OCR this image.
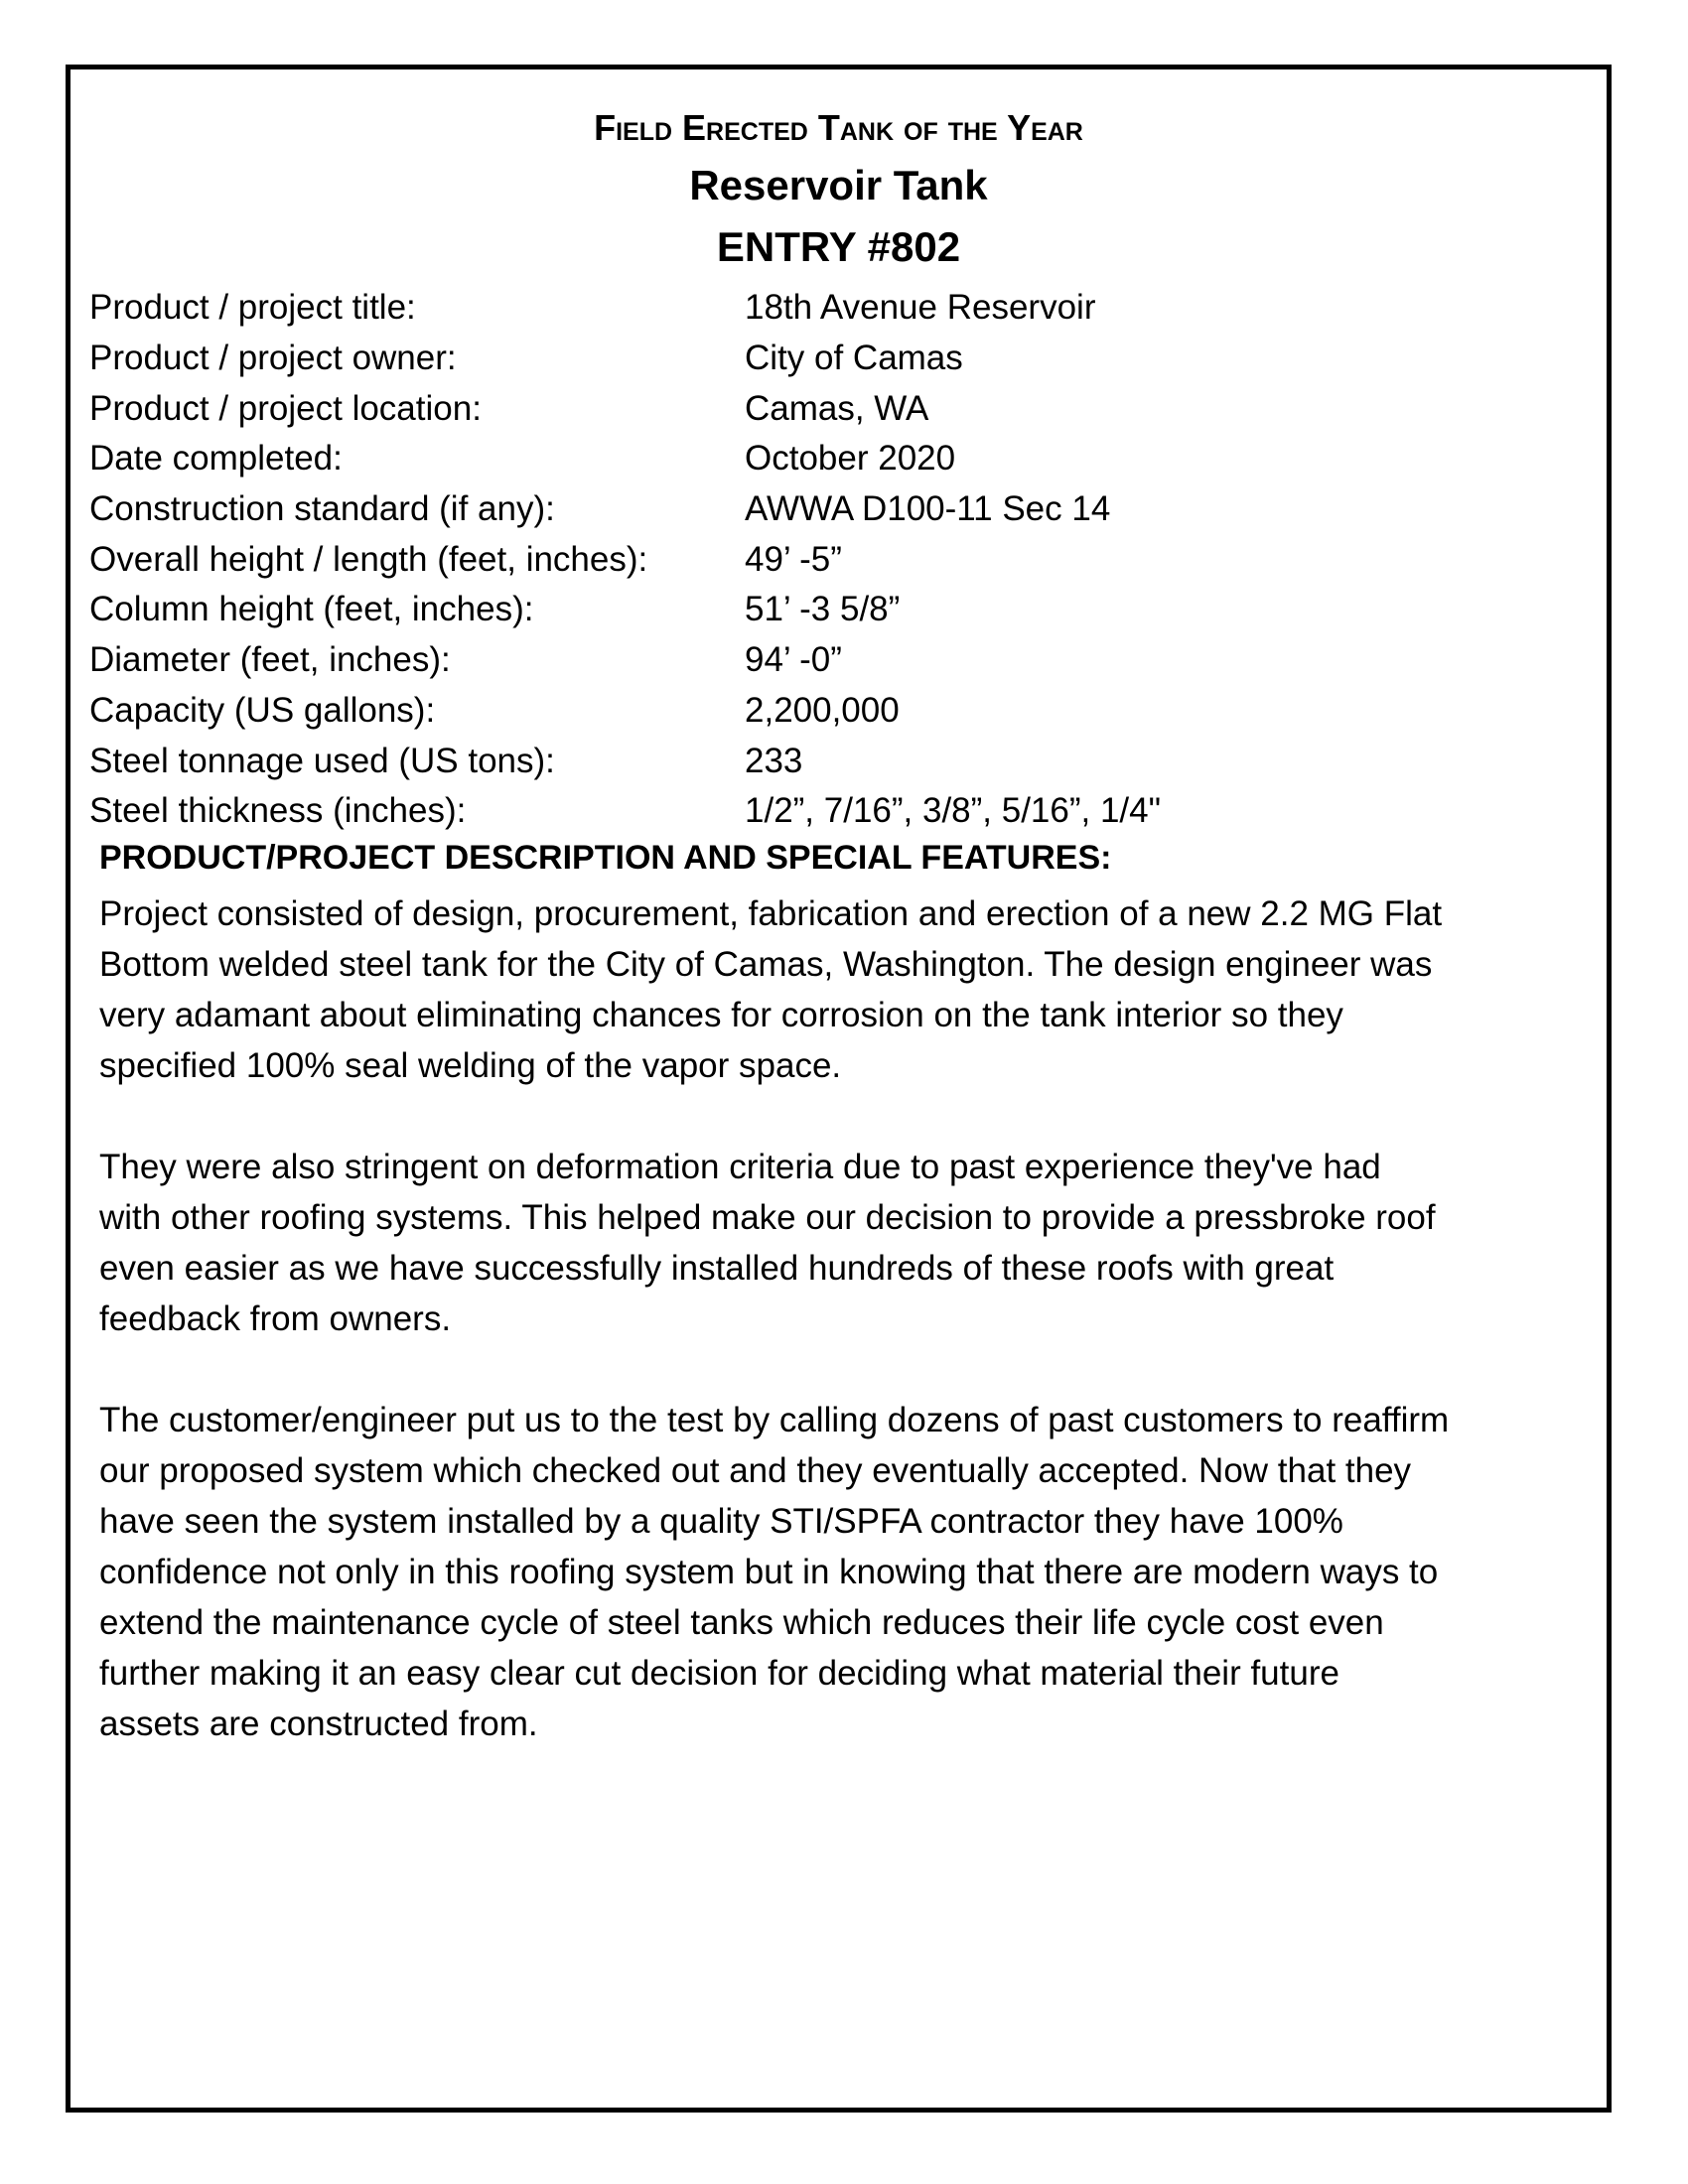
Field Erected Tank of the Year
Reservoir Tank
ENTRY #802
Product / project title:	18th Avenue Reservoir
Product / project owner:	City of Camas
Product / project location:	Camas, WA
Date completed:	October 2020
Construction standard (if any):	AWWA D100-11 Sec 14
Overall height / length (feet, inches):	49’ -5”
Column height (feet, inches):	51’ -3 5/8”
Diameter (feet, inches):	94’ -0”
Capacity (US gallons):	2,200,000
Steel tonnage used (US tons):	233
Steel thickness (inches):	1/2”, 7/16”, 3/8”, 5/16”, 1/4"
PRODUCT/PROJECT DESCRIPTION AND SPECIAL FEATURES:
Project consisted of design, procurement, fabrication and erection of a new 2.2 MG Flat
Bottom welded steel tank for the City of Camas, Washington. The design engineer was
very adamant about eliminating chances for corrosion on the tank interior so they
specified 100% seal welding of the vapor space.
They were also stringent on deformation criteria due to past experience they've had
with other roofing systems. This helped make our decision to provide a pressbroke roof
even easier as we have successfully installed hundreds of these roofs with great
feedback from owners.
The customer/engineer put us to the test by calling dozens of past customers to reaffirm
our proposed system which checked out and they eventually accepted. Now that they
have seen the system installed by a quality STI/SPFA contractor they have 100%
confidence not only in this roofing system but in knowing that there are modern ways to
extend the maintenance cycle of steel tanks which reduces their life cycle cost even
further making it an easy clear cut decision for deciding what material their future
assets are constructed from.
